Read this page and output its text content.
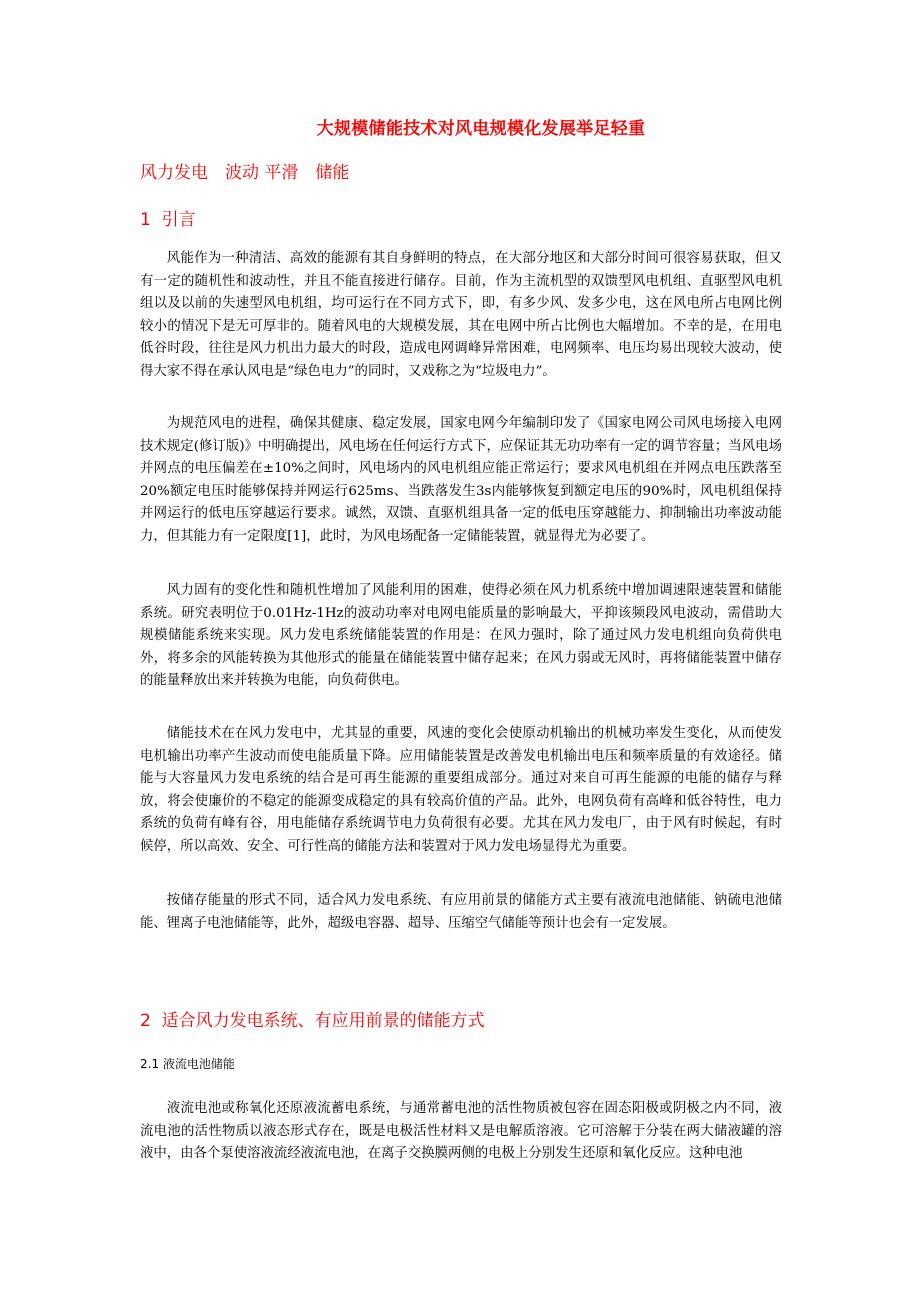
大规模储能技术对风电规模化发展举足轻重
风力发电　波动 平滑　储能
1  引言

风能作为一种清洁、高效的能源有其自身鲜明的特点，在大部分地区和大部分时间可很容易获取，但又有一定的随机性和波动性，并且不能直接进行储存。目前，作为主流机型的双馈型风电机组、直驱型风电机组以及以前的失速型风电机组，均可运行在不同方式下，即，有多少风、发多少电，这在风电所占电网比例较小的情况下是无可厚非的。随着风电的大规模发展，其在电网中所占比例也大幅增加。不幸的是，在用电低谷时段，往往是风力机出力最大的时段，造成电网调峰异常困难，电网频率、电压均易出现较大波动，使得大家不得在承认风电是“绿色电力”的同时，又戏称之为“垃圾电力”。

为规范风电的进程，确保其健康、稳定发展，国家电网今年编制印发了《国家电网公司风电场接入电网技术规定(修订版)》中明确提出，风电场在任何运行方式下，应保证其无功功率有一定的调节容量；当风电场并网点的电压偏差在±10%之间时，风电场内的风电机组应能正常运行；要求风电机组在并网点电压跌落至20%额定电压时能够保持并网运行625ms、当跌落发生3s内能够恢复到额定电压的90%时，风电机组保持并网运行的低电压穿越运行要求。诚然，双馈、直驱机组具备一定的低电压穿越能力、抑制输出功率波动能力，但其能力有一定限度[1]，此时，为风电场配备一定储能装置，就显得尤为必要了。

风力固有的变化性和随机性增加了风能利用的困难，使得必须在风力机系统中增加调速限速装置和储能系统。研究表明位于0.01Hz-1Hz的波动功率对电网电能质量的影响最大，平抑该频段风电波动，需借助大规模储能系统来实现。风力发电系统储能装置的作用是：在风力强时，除了通过风力发电机组向负荷供电外，将多余的风能转换为其他形式的能量在储能装置中储存起来；在风力弱或无风时，再将储能装置中储存的能量释放出来并转换为电能，向负荷供电。

储能技术在在风力发电中，尤其显的重要，风速的变化会使原动机输出的机械功率发生变化，从而使发电机输出功率产生波动而使电能质量下降。应用储能装置是改善发电机输出电压和频率质量的有效途径。储能与大容量风力发电系统的结合是可再生能源的重要组成部分。通过对来自可再生能源的电能的储存与释放，将会使廉价的不稳定的能源变成稳定的具有较高价值的产品。此外，电网负荷有高峰和低谷特性，电力系统的负荷有峰有谷，用电能储存系统调节电力负荷很有必要。尤其在风力发电厂，由于风有时候起，有时候停，所以高效、安全、可行性高的储能方法和装置对于风力发电场显得尤为重要。

按储存能量的形式不同，适合风力发电系统、有应用前景的储能方式主要有液流电池储能、钠硫电池储能、锂离子电池储能等，此外，超级电容器、超导、压缩空气储能等预计也会有一定发展。

2  适合风力发电系统、有应用前景的储能方式
2.1 液流电池储能

液流电池或称氧化还原液流蓄电系统，与通常蓄电池的活性物质被包容在固态阳极或阴极之内不同，液流电池的活性物质以液态形式存在，既是电极活性材料又是电解质溶液。它可溶解于分装在两大储液罐的溶液中，由各个泵使溶液流经液流电池，在离子交换膜两侧的电极上分别发生还原和氧化反应。这种电池
